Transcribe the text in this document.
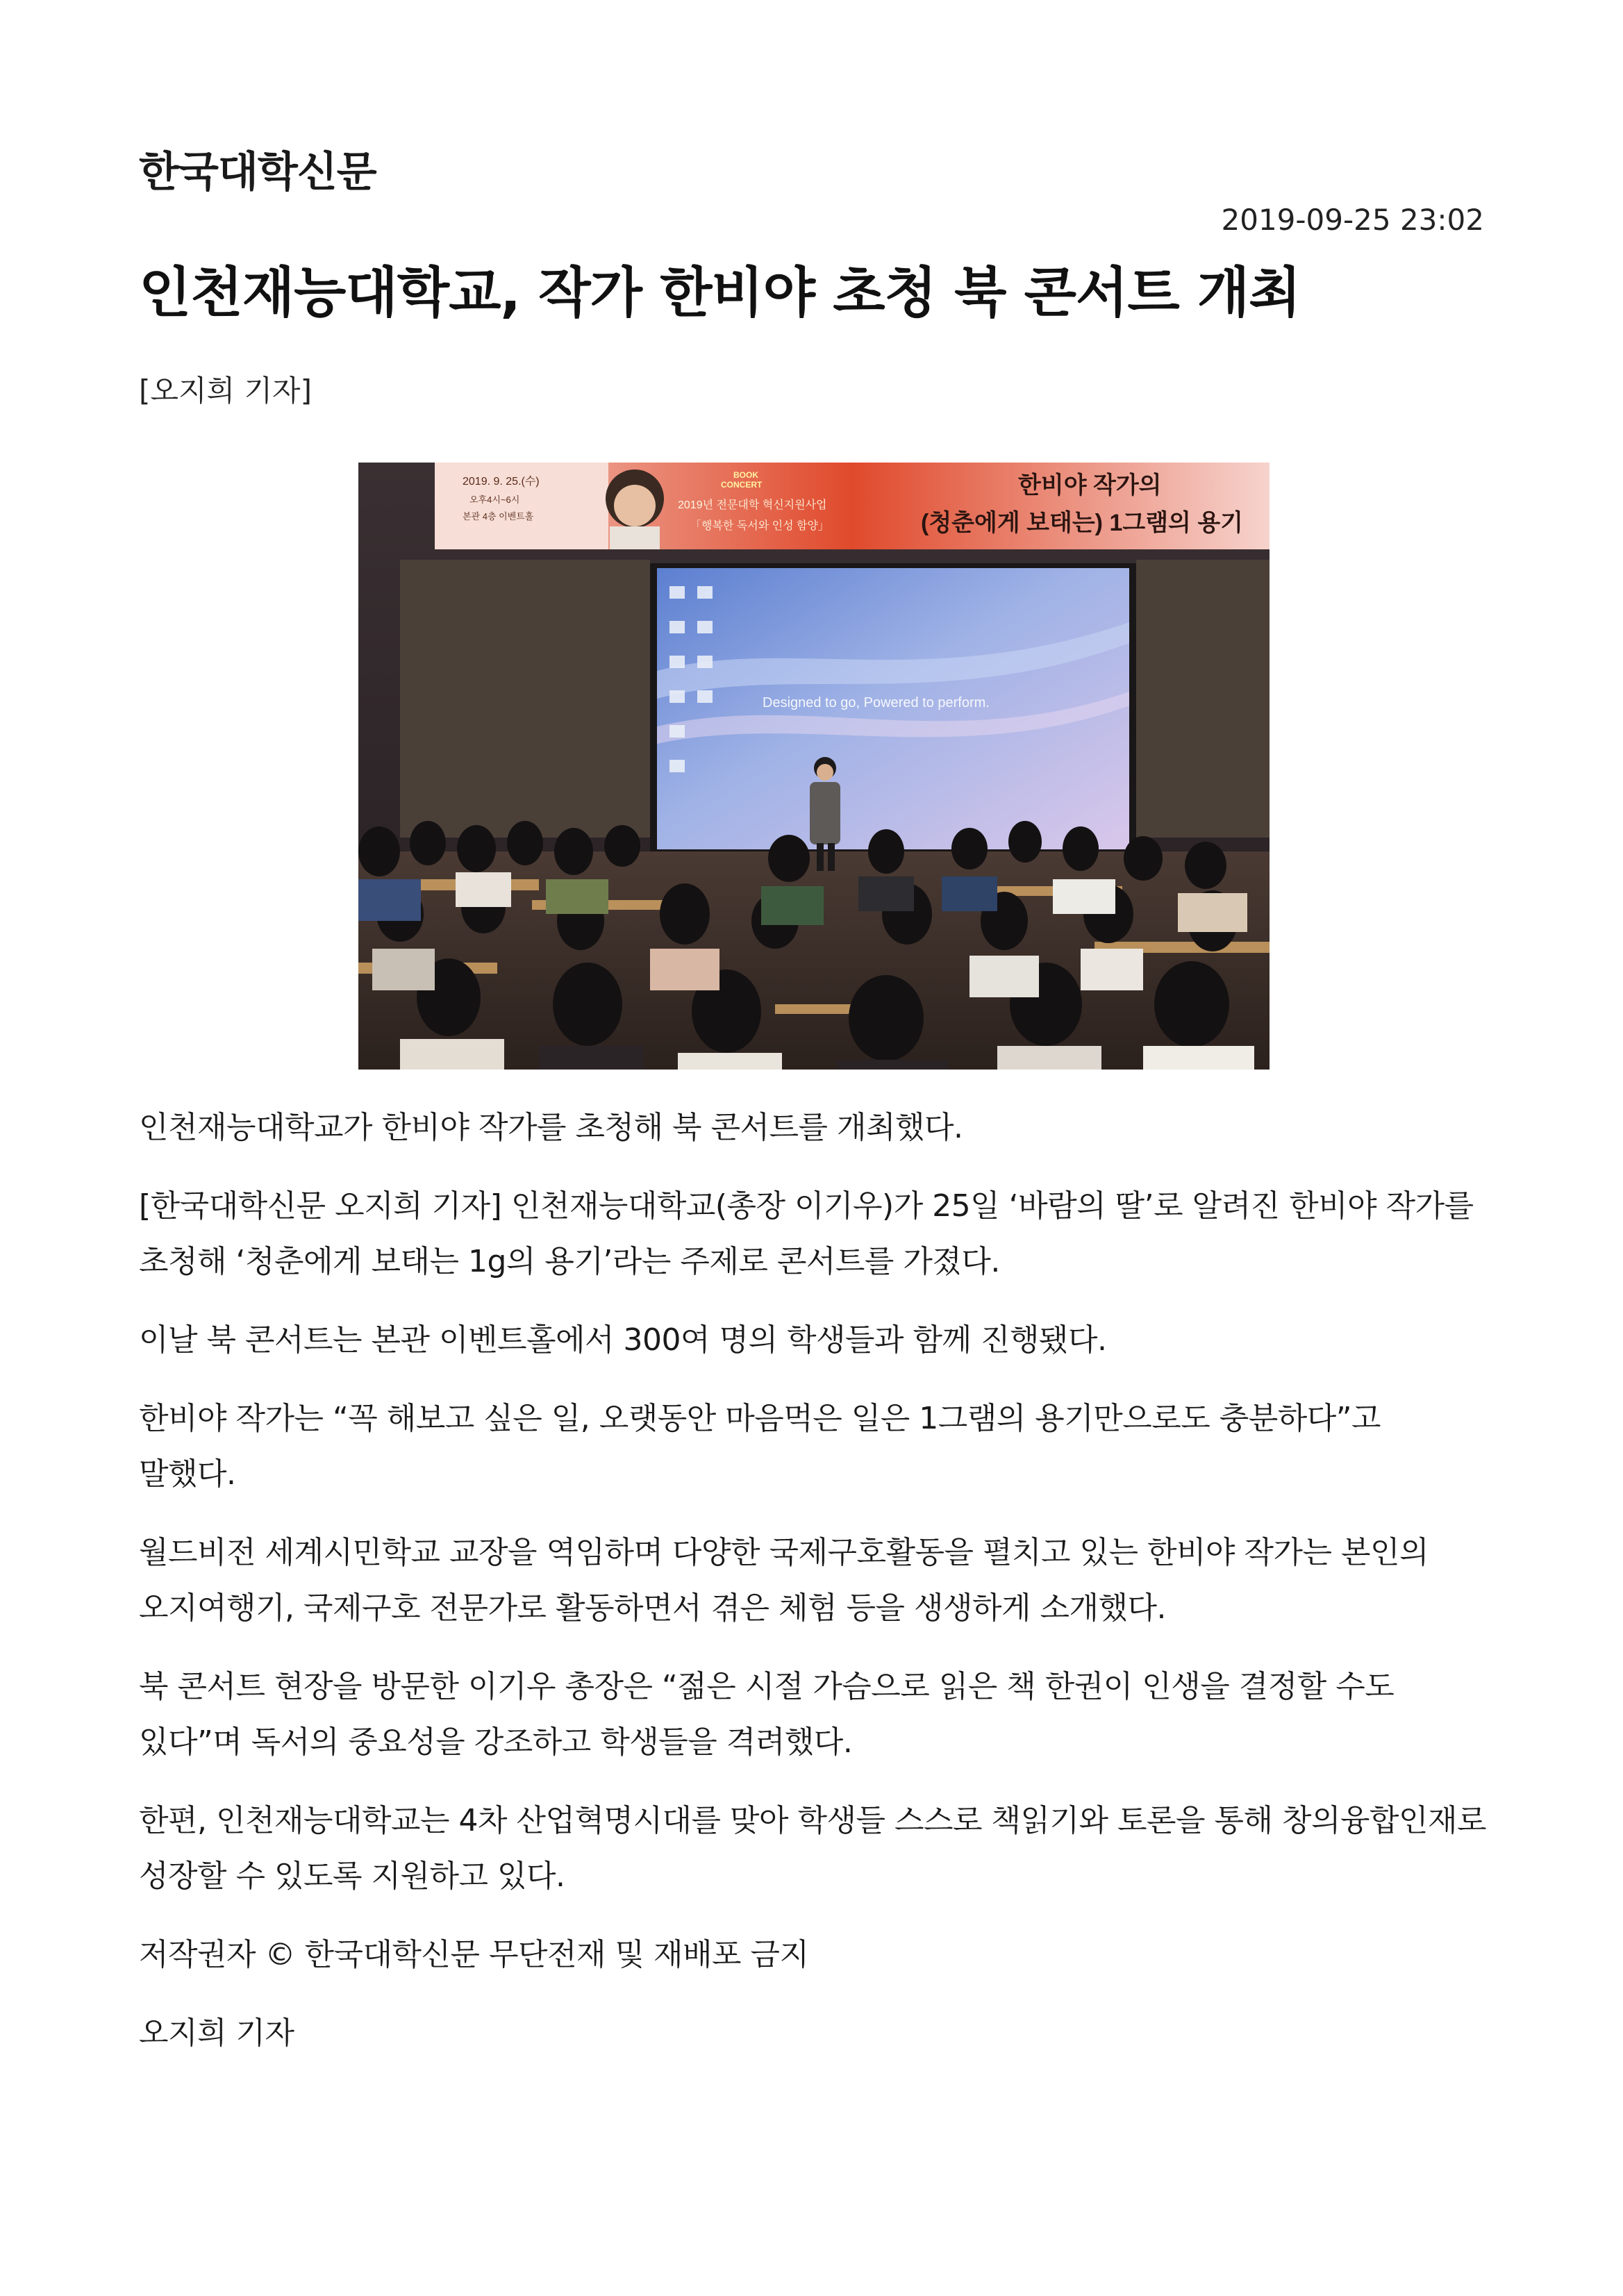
한국대학신문
2019-09-25 23:02
인천재능대학교, 작가 한비야 초청 북 콘서트 개최
[오지희 기자]
2019. 9. 25.(수)
오후4시~6시
본관 4층 이벤트홀
BOOK
CONCERT
2019년 전문대학 혁신지원사업
「행복한 독서와 인성 함양」
한비야 작가의
(청춘에게 보태는) 1그램의 용기
Designed to go, Powered to perform.

인천재능대학교가 한비야 작가를 초청해 북 콘서트를 개최했다.

[한국대학신문 오지희 기자] 인천재능대학교(총장 이기우)가 25일 ‘바람의 딸’로 알려진 한비야 작가를 초청해 ‘청춘에게 보태는 1g의 용기’라는 주제로 콘서트를 가졌다.

이날 북 콘서트는 본관 이벤트홀에서 300여 명의 학생들과 함께 진행됐다.

한비야 작가는 “꼭 해보고 싶은 일, 오랫동안 마음먹은 일은 1그램의 용기만으로도 충분하다”고 말했다.

월드비전 세계시민학교 교장을 역임하며 다양한 국제구호활동을 펼치고 있는 한비야 작가는 본인의 오지여행기, 국제구호 전문가로 활동하면서 겪은 체험 등을 생생하게 소개했다.

북 콘서트 현장을 방문한 이기우 총장은 “젊은 시절 가슴으로 읽은 책 한권이 인생을 결정할 수도 있다”며 독서의 중요성을 강조하고 학생들을 격려했다.

한편, 인천재능대학교는 4차 산업혁명시대를 맞아 학생들 스스로 책읽기와 토론을 통해 창의융합인재로 성장할 수 있도록 지원하고 있다.

저작권자 © 한국대학신문 무단전재 및 재배포 금지

오지희 기자
